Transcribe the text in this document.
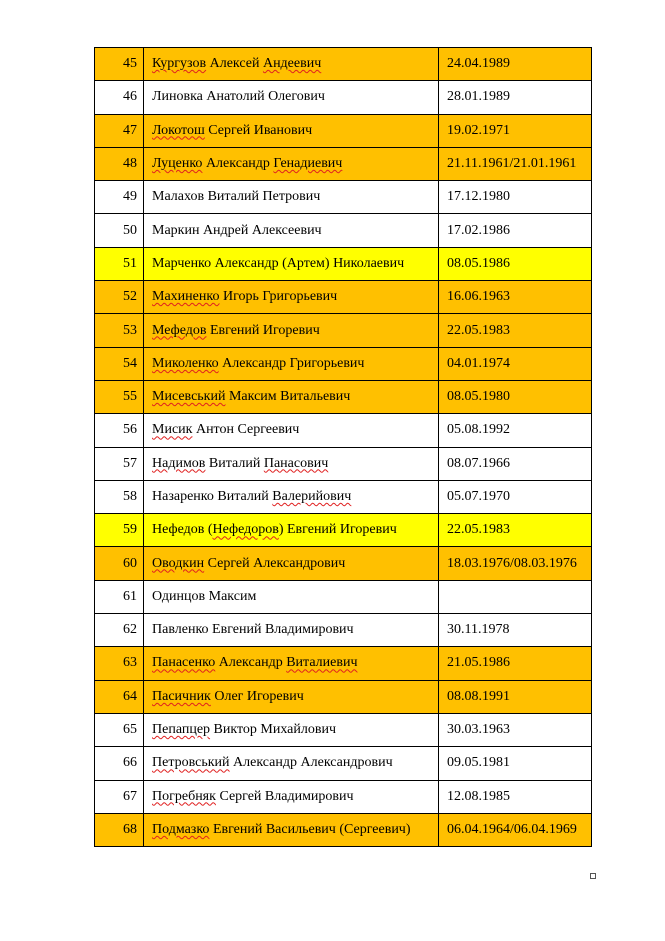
45	Кургузов Алексей Андеевич	24.04.1989
46	Линовка Анатолий Олегович	28.01.1989
47	Локотош Сергей Иванович	19.02.1971
48	Луценко Александр Генадиевич	21.11.1961/21.01.1961
49	Малахов Виталий Петрович	17.12.1980
50	Маркин Андрей Алексеевич	17.02.1986
51	Марченко Александр (Артем) Николаевич	08.05.1986
52	Махиненко Игорь Григорьевич	16.06.1963
53	Мефедов Евгений Игоревич	22.05.1983
54	Миколенко Александр Григорьевич	04.01.1974
55	Мисевський Максим Витальевич	08.05.1980
56	Мисик Антон Сергеевич	05.08.1992
57	Надимов Виталий Панасович	08.07.1966
58	Назаренко Виталий Валерийович	05.07.1970
59	Нефедов (Нефедоров) Евгений Игоревич	22.05.1983
60	Оводкин Сергей Александрович	18.03.1976/08.03.1976
61	Одинцов Максим	
62	Павленко Евгений Владимирович	30.11.1978
63	Панасенко Александр Виталиевич	21.05.1986
64	Пасичник Олег Игоревич	08.08.1991
65	Пепапцер Виктор Михайлович	30.03.1963
66	Петровський Александр Александрович	09.05.1981
67	Погребняк Сергей Владимирович	12.08.1985
68	Подмазко Евгений Васильевич (Сергеевич)	06.04.1964/06.04.1969
